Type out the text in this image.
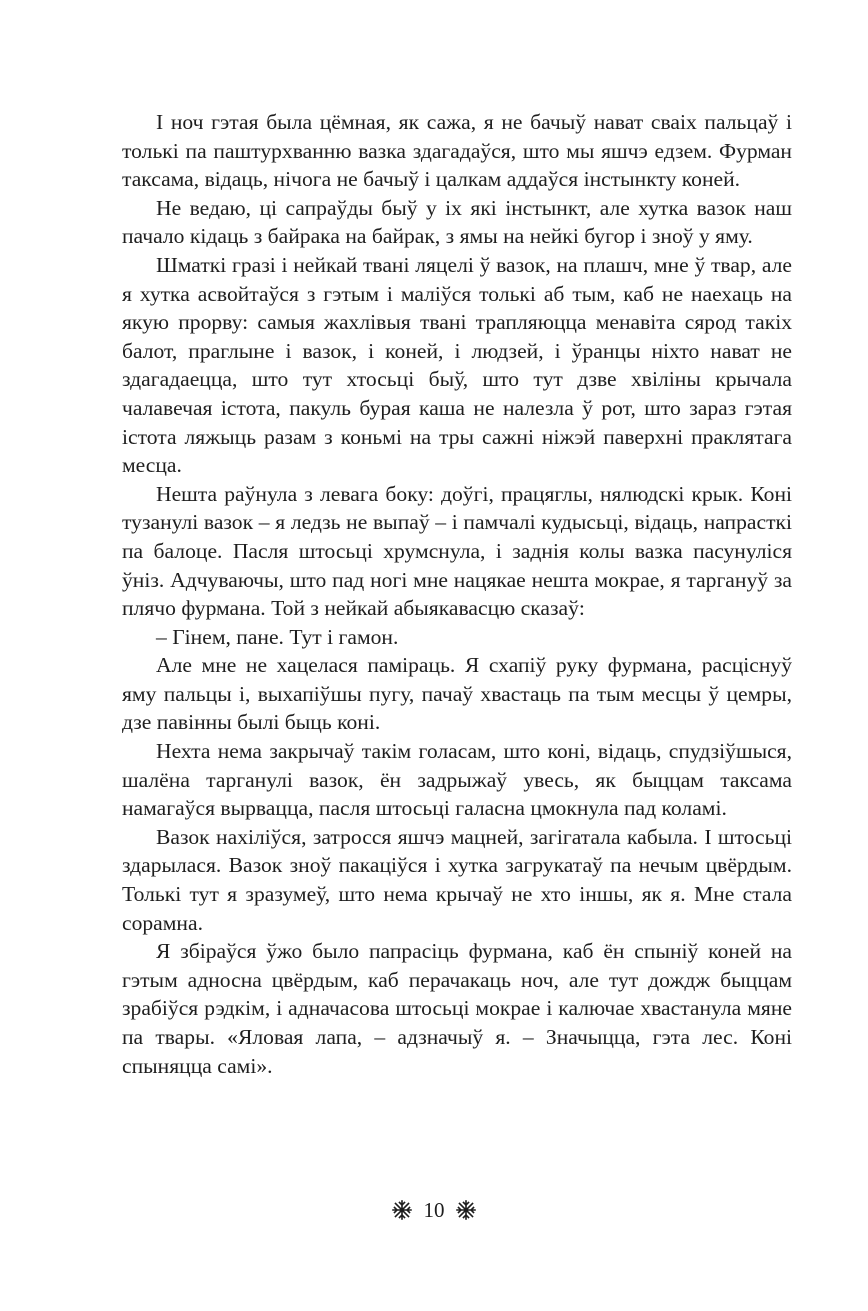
І ноч гэтая была цёмная, як сажа, я не бачыў нават сваіх пальцаў і толькі па паштурхванню вазка здагадаўся, што мы яшчэ едзем. Фурман таксама, відаць, нічога не бачыў і цалкам аддаўся інстынкту коней.

Не ведаю, ці сапраўды быў у іх які інстынкт, але хутка вазок наш пачало кідаць з байрака на байрак, з ямы на нейкі бугор і зноў у яму.

Шматкі гразі і нейкай твані ляцелі ў вазок, на плашч, мне ў твар, але я хутка асвойтаўся з гэтым і маліўся толькі аб тым, каб не наехаць на якую прорву: самыя жахлівыя твані трапляюцца менавіта сярод такіх балот, праглыне і вазок, і коней, і людзей, і ўранцы ніхто нават не здагадаецца, што тут хтосьці быў, што тут дзве хвіліны крычала чалавечая істота, пакуль бурая каша не налезла ў рот, што зараз гэтая істота ляжыць разам з коньмі на тры сажні ніжэй паверхні праклятага месца.

Нешта раўнула з левага боку: доўгі, працяглы, нялюдскі крык. Коні тузанулі вазок – я ледзь не выпаў – і памчалі кудысьці, відаць, напрасткі па балоце. Пасля штосьці хрумснула, і заднія колы вазка пасунуліся ўніз. Адчуваючы, што пад ногі мне нацякае нешта мокрае, я таргануў за плячо фурмана. Той з нейкай абыякавасцю сказаў:

– Гінем, пане. Тут і гамон.

Але мне не хацелася паміраць. Я схапіў руку фурмана, расціснуў яму пальцы і, выхапіўшы пугу, пачаў хвастаць па тым месцы ў цемры, дзе павінны былі быць коні.

Нехта нема закрычаў такім голасам, што коні, відаць, спудзіўшыся, шалёна тарганулі вазок, ён задрыжаў увесь, як быццам таксама намагаўся вырвацца, пасля штосьці галасна цмокнула пад коламі.

Вазок нахіліўся, затросся яшчэ мацней, загігатала кабыла. І штосьці здарылася. Вазок зноў пакаціўся і хутка загрукатаў па нечым цвёрдым. Толькі тут я зразумеў, што нема крычаў не хто іншы, як я. Мне стала сорамна.

Я збіраўся ўжо было папрасіць фурмана, каб ён спыніў коней на гэтым адносна цвёрдым, каб перачакаць ноч, але тут дождж быццам зрабіўся рэдкім, і адначасова штосьці мокрае і калючае хвастанула мяне па твары. «Яловая лапа, – адзначыў я. – Значыцца, гэта лес. Коні спыняцца самі».

10
